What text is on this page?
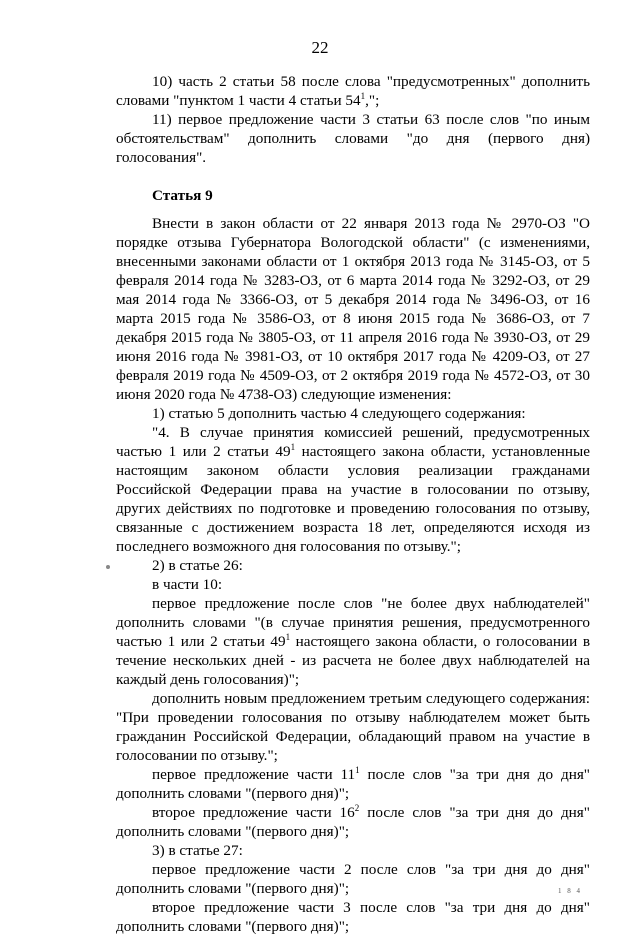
22

10) часть 2 статьи 58 после слова "предусмотренных" дополнить словами "пунктом 1 части 4 статьи $54^1$,";

11) первое предложение части 3 статьи 63 после слов "по иным обстоятельствам" дополнить словами "до дня (первого дня) голосования".

Статья 9

Внести в закон области от 22 января 2013 года № 2970-ОЗ "О порядке отзыва Губернатора Вологодской области" (с изменениями, внесенными законами области от 1 октября 2013 года № 3145-ОЗ, от 5 февраля 2014 года № 3283-ОЗ, от 6 марта 2014 года № 3292-ОЗ, от 29 мая 2014 года № 3366-ОЗ, от 5 декабря 2014 года № 3496-ОЗ, от 16 марта 2015 года № 3586-ОЗ, от 8 июня 2015 года № 3686-ОЗ, от 7 декабря 2015 года № 3805-ОЗ, от 11 апреля 2016 года № 3930-ОЗ, от 29 июня 2016 года № 3981-ОЗ, от 10 октября 2017 года № 4209-ОЗ, от 27 февраля 2019 года № 4509-ОЗ, от 2 октября 2019 года № 4572-ОЗ, от 30 июня 2020 года № 4738-ОЗ) следующие изменения:

1) статью 5 дополнить частью 4 следующего содержания:

"4. В случае принятия комиссией решений, предусмотренных частью 1 или 2 статьи $49^1$ настоящего закона области, установленные настоящим законом области условия реализации гражданами Российской Федерации права на участие в голосовании по отзыву, других действиях по подготовке и проведению голосования по отзыву, связанные с достижением возраста 18 лет, определяются исходя из последнего возможного дня голосования по отзыву.";

2) в статье 26:

в части 10:

первое предложение после слов "не более двух наблюдателей" дополнить словами "(в случае принятия решения, предусмотренного частью 1 или 2 статьи $49^1$ настоящего закона области, о голосовании в течение нескольких дней - из расчета не более двух наблюдателей на каждый день голосования)";

дополнить новым предложением третьим следующего содержания: "При проведении голосования по отзыву наблюдателем может быть гражданин Российской Федерации, обладающий правом на участие в голосовании по отзыву.";

первое предложение части $11^1$ после слов "за три дня до дня" дополнить словами "(первого дня)";

второе предложение части $16^2$ после слов "за три дня до дня" дополнить словами "(первого дня)";

3) в статье 27:

первое предложение части 2 после слов "за три дня до дня" дополнить словами "(первого дня)";

второе предложение части 3 после слов "за три дня до дня" дополнить словами "(первого дня)";

1 8 4
